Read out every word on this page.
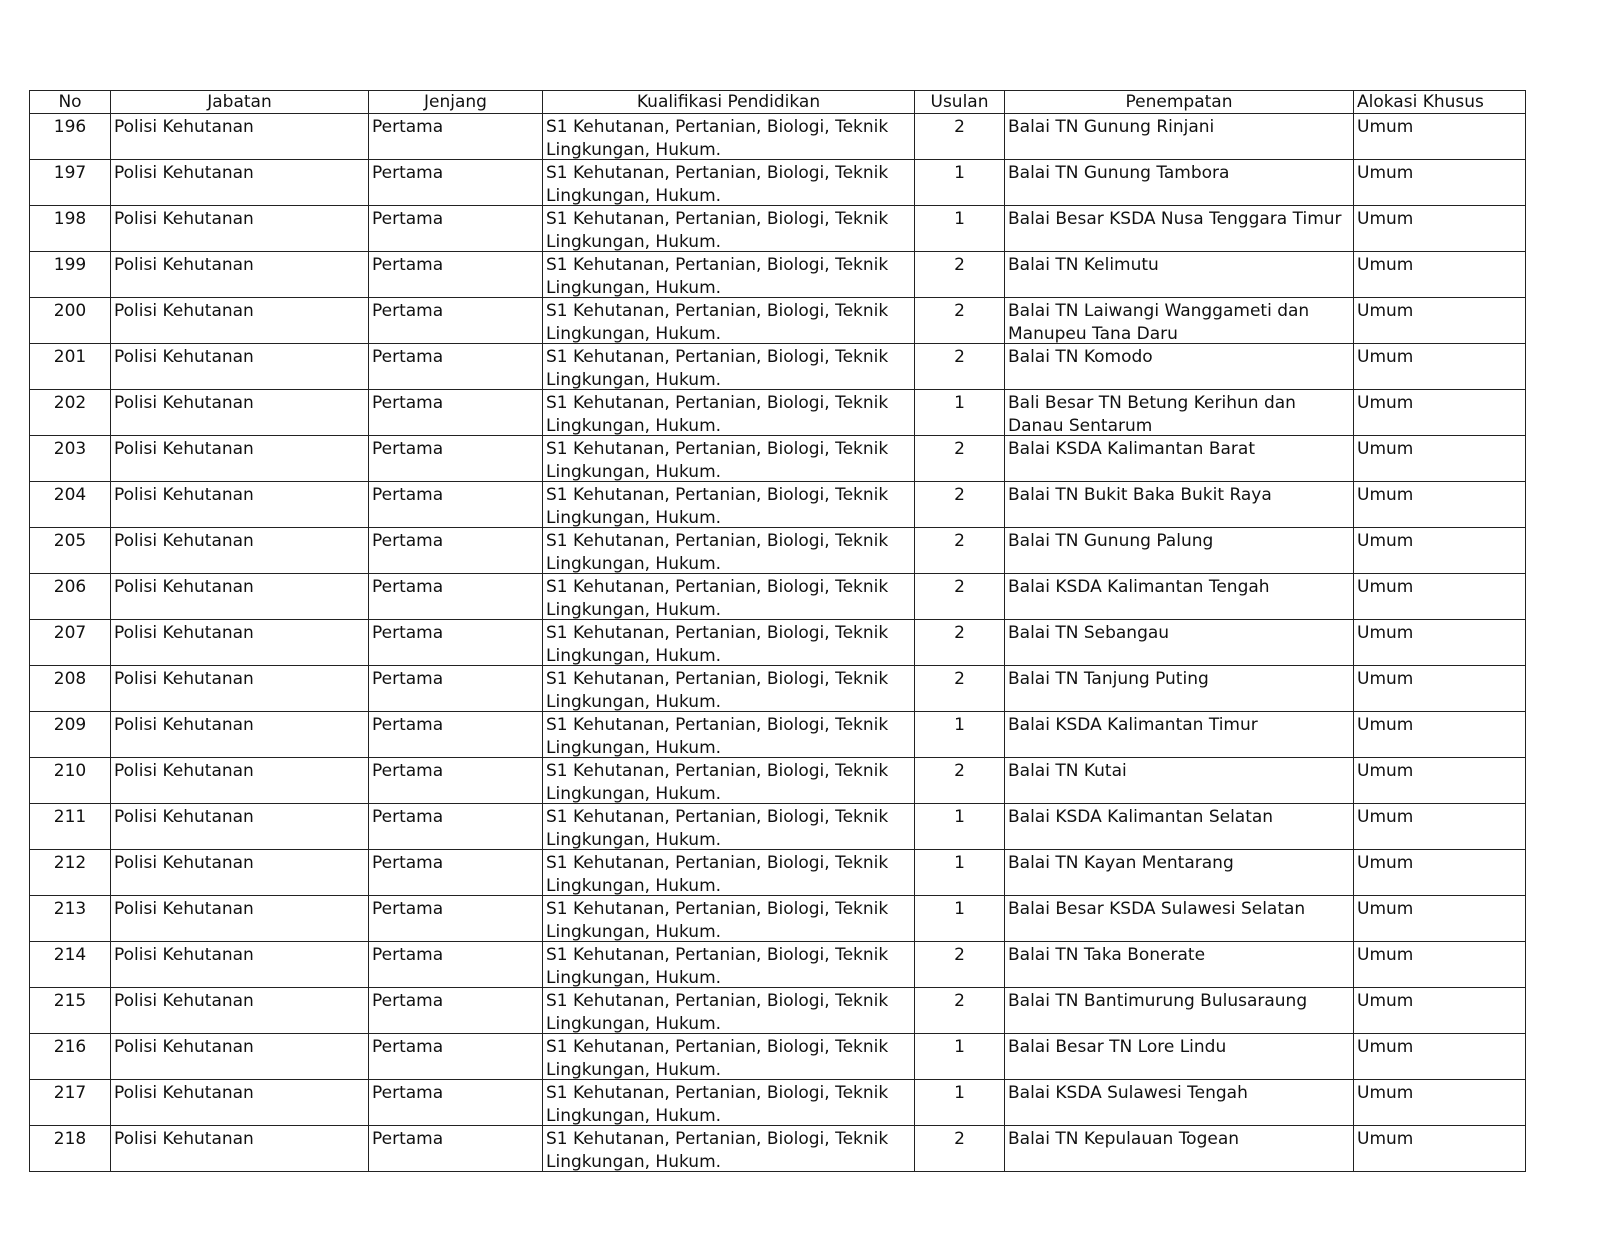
No	Jabatan	Jenjang	Kualifikasi Pendidikan	Usulan	Penempatan	Alokasi Khusus

196	Polisi Kehutanan	Pertama	S1 Kehutanan, Pertanian, Biologi, Teknik Lingkungan, Hukum.	2	Balai TN Gunung Rinjani	Umum

197	Polisi Kehutanan	Pertama	S1 Kehutanan, Pertanian, Biologi, Teknik Lingkungan, Hukum.	1	Balai TN Gunung Tambora	Umum

198	Polisi Kehutanan	Pertama	S1 Kehutanan, Pertanian, Biologi, Teknik Lingkungan, Hukum.	1	Balai Besar KSDA Nusa Tenggara Timur	Umum

199	Polisi Kehutanan	Pertama	S1 Kehutanan, Pertanian, Biologi, Teknik Lingkungan, Hukum.	2	Balai TN Kelimutu	Umum

200	Polisi Kehutanan	Pertama	S1 Kehutanan, Pertanian, Biologi, Teknik Lingkungan, Hukum.	2	Balai TN Laiwangi Wanggameti dan Manupeu Tana Daru	Umum

201	Polisi Kehutanan	Pertama	S1 Kehutanan, Pertanian, Biologi, Teknik Lingkungan, Hukum.	2	Balai TN Komodo	Umum

202	Polisi Kehutanan	Pertama	S1 Kehutanan, Pertanian, Biologi, Teknik Lingkungan, Hukum.	1	Bali Besar TN Betung Kerihun dan Danau Sentarum	Umum

203	Polisi Kehutanan	Pertama	S1 Kehutanan, Pertanian, Biologi, Teknik Lingkungan, Hukum.	2	Balai KSDA Kalimantan Barat	Umum

204	Polisi Kehutanan	Pertama	S1 Kehutanan, Pertanian, Biologi, Teknik Lingkungan, Hukum.	2	Balai TN Bukit Baka Bukit Raya	Umum

205	Polisi Kehutanan	Pertama	S1 Kehutanan, Pertanian, Biologi, Teknik Lingkungan, Hukum.	2	Balai TN Gunung Palung	Umum

206	Polisi Kehutanan	Pertama	S1 Kehutanan, Pertanian, Biologi, Teknik Lingkungan, Hukum.	2	Balai KSDA Kalimantan Tengah	Umum

207	Polisi Kehutanan	Pertama	S1 Kehutanan, Pertanian, Biologi, Teknik Lingkungan, Hukum.	2	Balai TN Sebangau	Umum

208	Polisi Kehutanan	Pertama	S1 Kehutanan, Pertanian, Biologi, Teknik Lingkungan, Hukum.	2	Balai TN Tanjung Puting	Umum

209	Polisi Kehutanan	Pertama	S1 Kehutanan, Pertanian, Biologi, Teknik Lingkungan, Hukum.	1	Balai KSDA Kalimantan Timur	Umum

210	Polisi Kehutanan	Pertama	S1 Kehutanan, Pertanian, Biologi, Teknik Lingkungan, Hukum.	2	Balai TN Kutai	Umum

211	Polisi Kehutanan	Pertama	S1 Kehutanan, Pertanian, Biologi, Teknik Lingkungan, Hukum.	1	Balai KSDA Kalimantan Selatan	Umum

212	Polisi Kehutanan	Pertama	S1 Kehutanan, Pertanian, Biologi, Teknik Lingkungan, Hukum.	1	Balai TN Kayan Mentarang	Umum

213	Polisi Kehutanan	Pertama	S1 Kehutanan, Pertanian, Biologi, Teknik Lingkungan, Hukum.	1	Balai Besar KSDA Sulawesi Selatan	Umum

214	Polisi Kehutanan	Pertama	S1 Kehutanan, Pertanian, Biologi, Teknik Lingkungan, Hukum.	2	Balai TN Taka Bonerate	Umum

215	Polisi Kehutanan	Pertama	S1 Kehutanan, Pertanian, Biologi, Teknik Lingkungan, Hukum.	2	Balai TN Bantimurung Bulusaraung	Umum

216	Polisi Kehutanan	Pertama	S1 Kehutanan, Pertanian, Biologi, Teknik Lingkungan, Hukum.	1	Balai Besar TN Lore Lindu	Umum

217	Polisi Kehutanan	Pertama	S1 Kehutanan, Pertanian, Biologi, Teknik Lingkungan, Hukum.	1	Balai KSDA Sulawesi Tengah	Umum

218	Polisi Kehutanan	Pertama	S1 Kehutanan, Pertanian, Biologi, Teknik Lingkungan, Hukum.	2	Balai TN Kepulauan Togean	Umum
